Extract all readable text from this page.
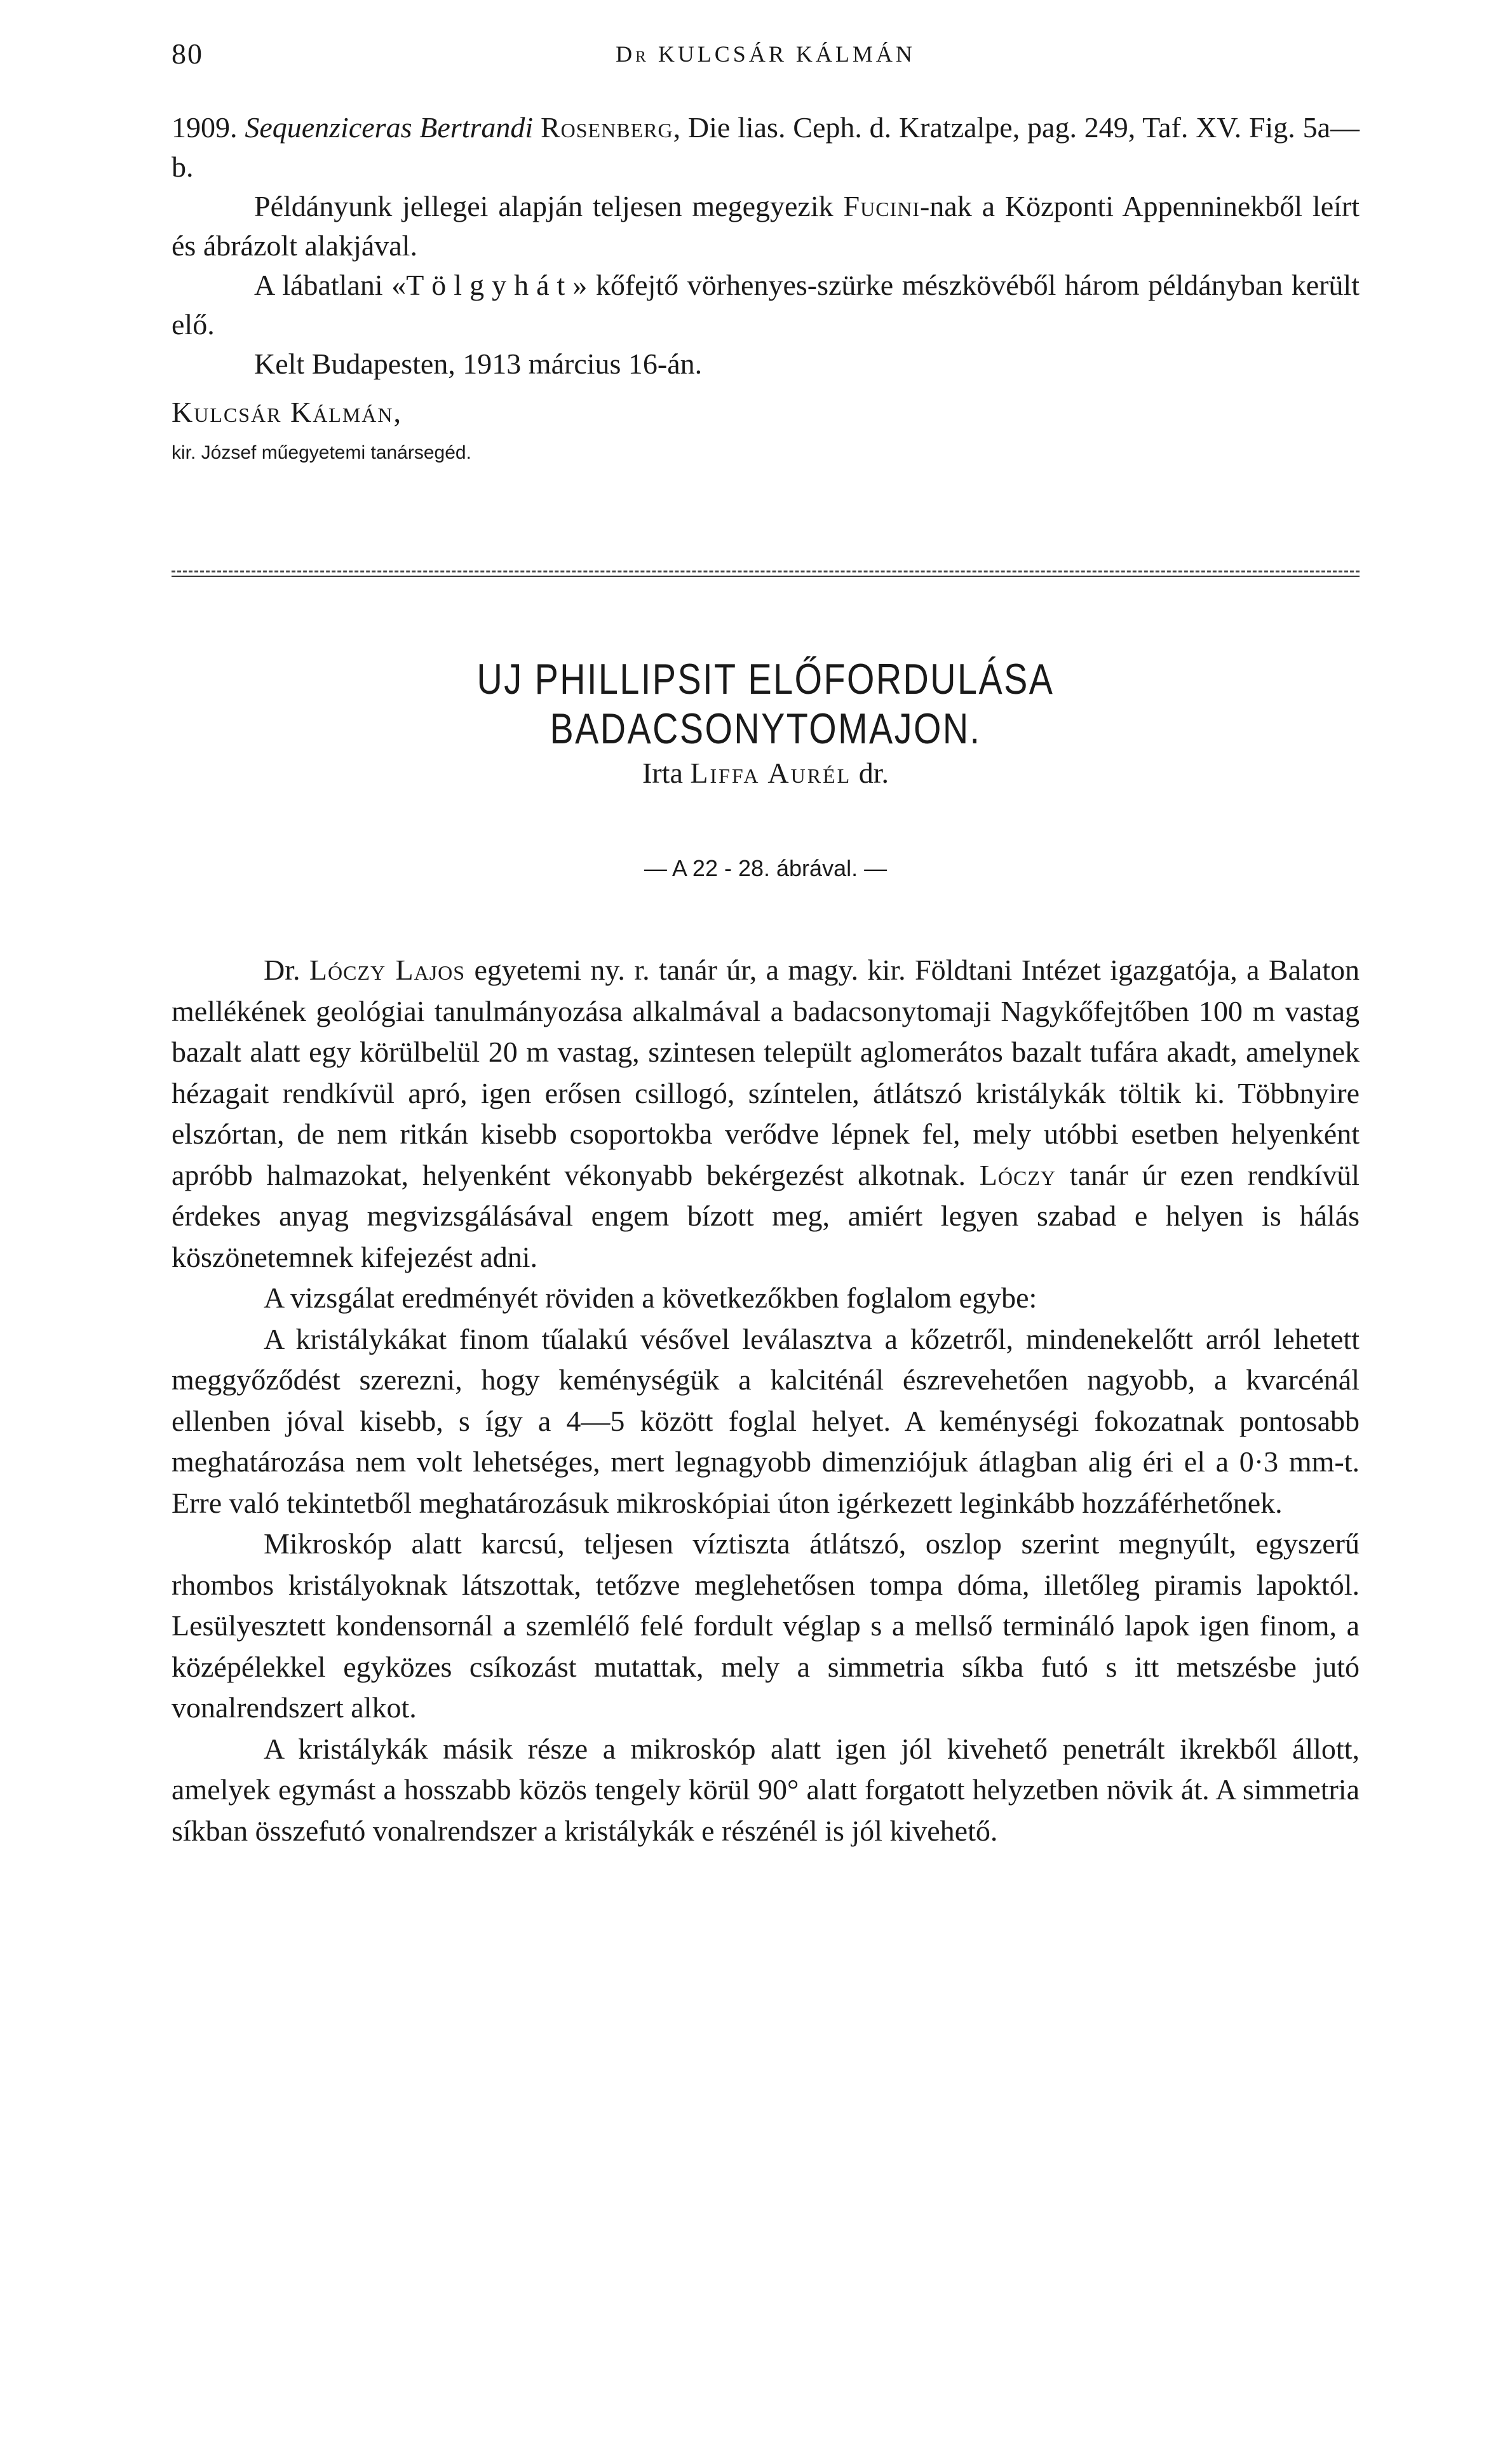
80	Dr KULCSÁR KÁLMÁN

1909. Sequenziceras Bertrandi Rosenberg, Die lias. Ceph. d. Kratzalpe, pag. 249, Taf. XV. Fig. 5a—b.

Példányunk jellegei alapján teljesen megegyezik Fucini-nak a Központi Appenninekből leírt és ábrázolt alakjával.

A lábatlani «Tölgyhát» kőfejtő vörhenyes-szürke mészkövéből három példányban került elő.

Kelt Budapesten, 1913 március 16-án.

Kulcsár Kálmán,

kir. József műegyetemi tanársegéd.

UJ PHILLIPSIT ELŐFORDULÁSA BADACSONYTOMAJON.
Irta Liffa Aurél dr.
— A 22 - 28. ábrával. —

Dr. Lóczy Lajos egyetemi ny. r. tanár úr, a magy. kir. Földtani Intézet igazgatója, a Balaton mellékének geológiai tanulmányozása alkalmával a badacsonytomaji Nagykőfejtőben 100 m vastag bazalt alatt egy körülbelül 20 m vastag, szintesen települt aglomerátos bazalt tufára akadt, amelynek hézagait rendkívül apró, igen erősen csillogó, színtelen, átlátszó kristálykák töltik ki. Többnyire elszórtan, de nem ritkán kisebb csoportokba verődve lépnek fel, mely utóbbi esetben helyenként apróbb halmazokat, helyenként vékonyabb bekérgezést alkotnak. Lóczy tanár úr ezen rendkívül érdekes anyag megvizsgálásával engem bízott meg, amiért legyen szabad e helyen is hálás köszönetemnek kifejezést adni.

A vizsgálat eredményét röviden a következőkben foglalom egybe:

A kristálykákat finom tűalakú vésővel leválasztva a kőzetről, mindenekelőtt arról lehetett meggyőződést szerezni, hogy keménységük a kalciténál észrevehetően nagyobb, a kvarcénál ellenben jóval kisebb, s így a 4—5 között foglal helyet. A keménységi fokozatnak pontosabb meghatározása nem volt lehetséges, mert legnagyobb dimenziójuk átlagban alig éri el a 0·3 mm-t. Erre való tekintetből meghatározásuk mikroskópiai úton igérkezett leginkább hozzáférhetőnek.

Mikroskóp alatt karcsú, teljesen víztiszta átlátszó, oszlop szerint megnyúlt, egyszerű rhombos kristályoknak látszottak, tetőzve meglehetősen tompa dóma, illetőleg piramis lapoktól. Lesülyesztett kondensornál a szemlélő felé fordult véglap s a mellső termináló lapok igen finom, a középélekkel egyközes csíkozást mutattak, mely a simmetria síkba futó s itt metszésbe jutó vonalrendszert alkot.

A kristálykák másik része a mikroskóp alatt igen jól kivehető penetrált ikrekből állott, amelyek egymást a hosszabb közös tengely körül 90° alatt forgatott helyzetben növik át. A simmetria síkban összefutó vonalrendszer a kristálykák e részénél is jól kivehető.
